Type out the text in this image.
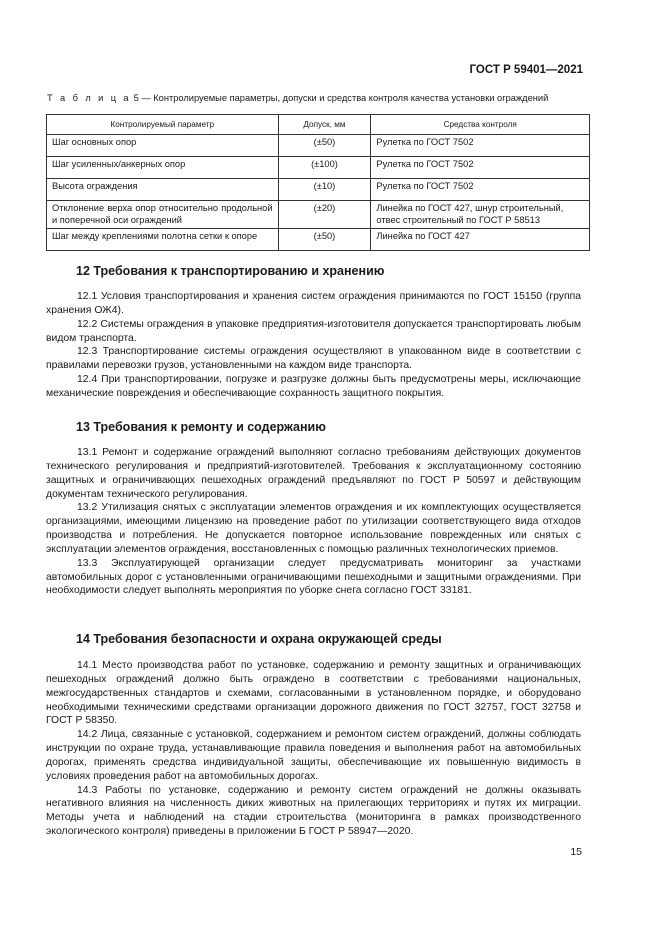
ГОСТ Р 59401—2021
Т а б л и ц а 5 — Контролируемые параметры, допуски и средства контроля качества установки ограждений
Контролируемый параметр	Допуск, мм	Средства контроля
Шаг основных опор	(±50)	Рулетка по ГОСТ 7502
Шаг усиленных/анкерных опор	(±100)	Рулетка по ГОСТ 7502
Высота ограждения	(±10)	Рулетка по ГОСТ 7502
Отклонение верха опор относительно продольной и поперечной оси ограждений	(±20)	Линейка по ГОСТ 427, шнур строительный, отвес строительный по ГОСТ Р 58513
Шаг между креплениями полотна сетки к опоре	(±50)	Линейка по ГОСТ 427
12 Требования к транспортированию и хранению

12.1 Условия транспортирования и хранения систем ограждения принимаются по ГОСТ 15150 (группа хранения ОЖ4).

12.2 Системы ограждения в упаковке предприятия-изготовителя допускается транспортировать любым видом транспорта.

12.3 Транспортирование системы ограждения осуществляют в упакованном виде в соответствии с правилами перевозки грузов, установленными на каждом виде транспорта.

12.4 При транспортировании, погрузке и разгрузке должны быть предусмотрены меры, исключающие механические повреждения и обеспечивающие сохранность защитного покрытия.

13 Требования к ремонту и содержанию

13.1 Ремонт и содержание ограждений выполняют согласно требованиям действующих документов технического регулирования и предприятий-изготовителей. Требования к эксплуатационному состоянию защитных и ограничивающих пешеходных ограждений предъявляют по ГОСТ Р 50597 и действующим документам технического регулирования.

13.2 Утилизация снятых с эксплуатации элементов ограждения и их комплектующих осуществляется организациями, имеющими лицензию на проведение работ по утилизации соответствующего вида отходов производства и потребления. Не допускается повторное использование поврежденных или снятых с эксплуатации элементов ограждения, восстановленных с помощью различных технологических приемов.

13.3 Эксплуатирующей организации следует предусматривать мониторинг за участками автомобильных дорог с установленными ограничивающими пешеходными и защитными ограждениями. При необходимости следует выполнять мероприятия по уборке снега согласно ГОСТ 33181.

14 Требования безопасности и охрана окружающей среды

14.1 Место производства работ по установке, содержанию и ремонту защитных и ограничивающих пешеходных ограждений должно быть ограждено в соответствии с требованиями национальных, межгосударственных стандартов и схемами, согласованными в установленном порядке, и оборудовано необходимыми техническими средствами организации дорожного движения по ГОСТ 32757, ГОСТ 32758 и ГОСТ Р 58350.

14.2 Лица, связанные с установкой, содержанием и ремонтом систем ограждений, должны соблюдать инструкции по охране труда, устанавливающие правила поведения и выполнения работ на автомобильных дорогах, применять средства индивидуальной защиты, обеспечивающие их повышенную видимость в условиях проведения работ на автомобильных дорогах.

14.3 Работы по установке, содержанию и ремонту систем ограждений не должны оказывать негативного влияния на численность диких животных на прилегающих территориях и путях их миграции. Методы учета и наблюдений на стадии строительства (мониторинга в рамках производственного экологического контроля) приведены в приложении Б ГОСТ Р 58947—2020.

15
